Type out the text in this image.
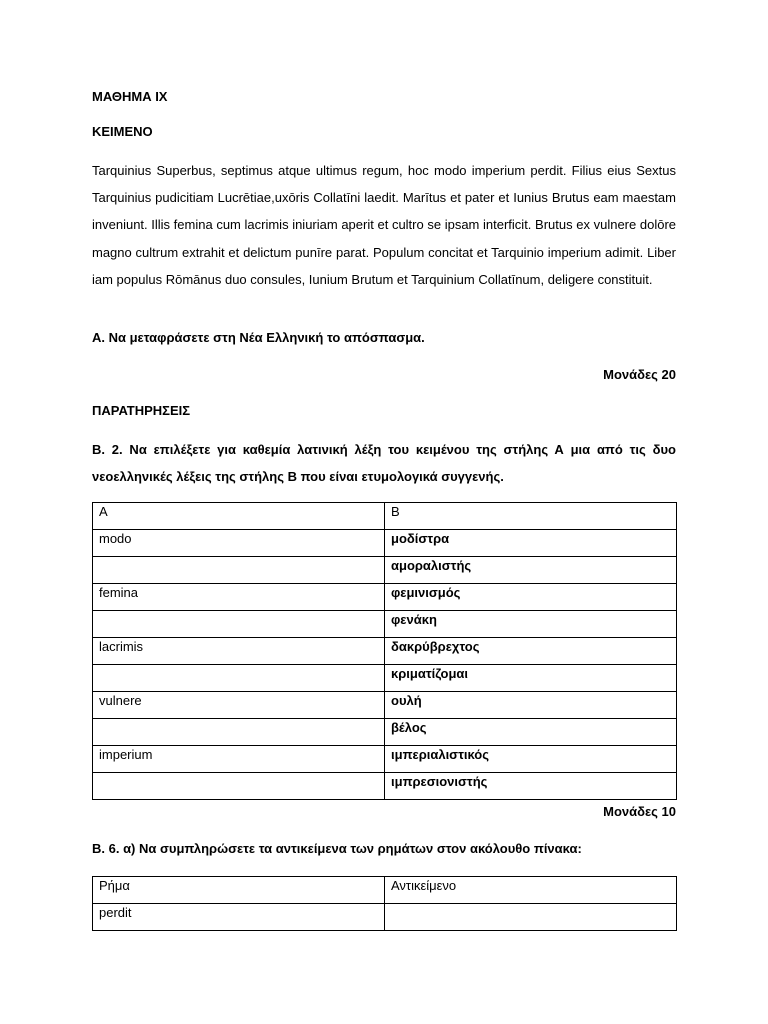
ΜΑΘΗΜΑ ΙΧ
ΚΕΙΜΕΝΟ

Tarquinius Superbus, septimus atque ultimus regum, hoc modo imperium perdit. Filius eius Sextus Tarquinius pudicitiam Lucrētiae,uxōris Collatīni laedit. Marītus et pater et Iunius Brutus eam maestam inveniunt. Illis femina cum lacrimis iniuriam aperit et cultro se ipsam interficit. Brutus ex vulnere dolōre magno cultrum extrahit et delictum punīre parat. Populum concitat et Tarquinio imperium adimit. Liber iam populus Rōmānus duo consules, Iunium Brutum et Tarquinium Collatīnum, deligere constituit.

Α. Να μεταφράσετε στη Νέα Ελληνική το απόσπασμα.

Μονάδες 20
ΠΑΡΑΤΗΡΗΣΕΙΣ

Β. 2. Να επιλέξετε για καθεμία λατινική λέξη του κειμένου της στήλης Α μια από τις δυο νεοελληνικές λέξεις της στήλης Β που είναι ετυμολογικά συγγενής.

A	B
modo	μοδίστρα
	αμοραλιστής
femina	φεμινισμός
	φενάκη
lacrimis	δακρύβρεχτος
	κριματίζομαι
vulnere	ουλή
	βέλος
imperium	ιμπεριαλιστικός
	ιμπρεσιονιστής
Μονάδες 10

Β. 6. α) Να συμπληρώσετε τα αντικείμενα των ρημάτων στον ακόλουθο πίνακα:

Ρήμα	Αντικείμενο
perdit	
